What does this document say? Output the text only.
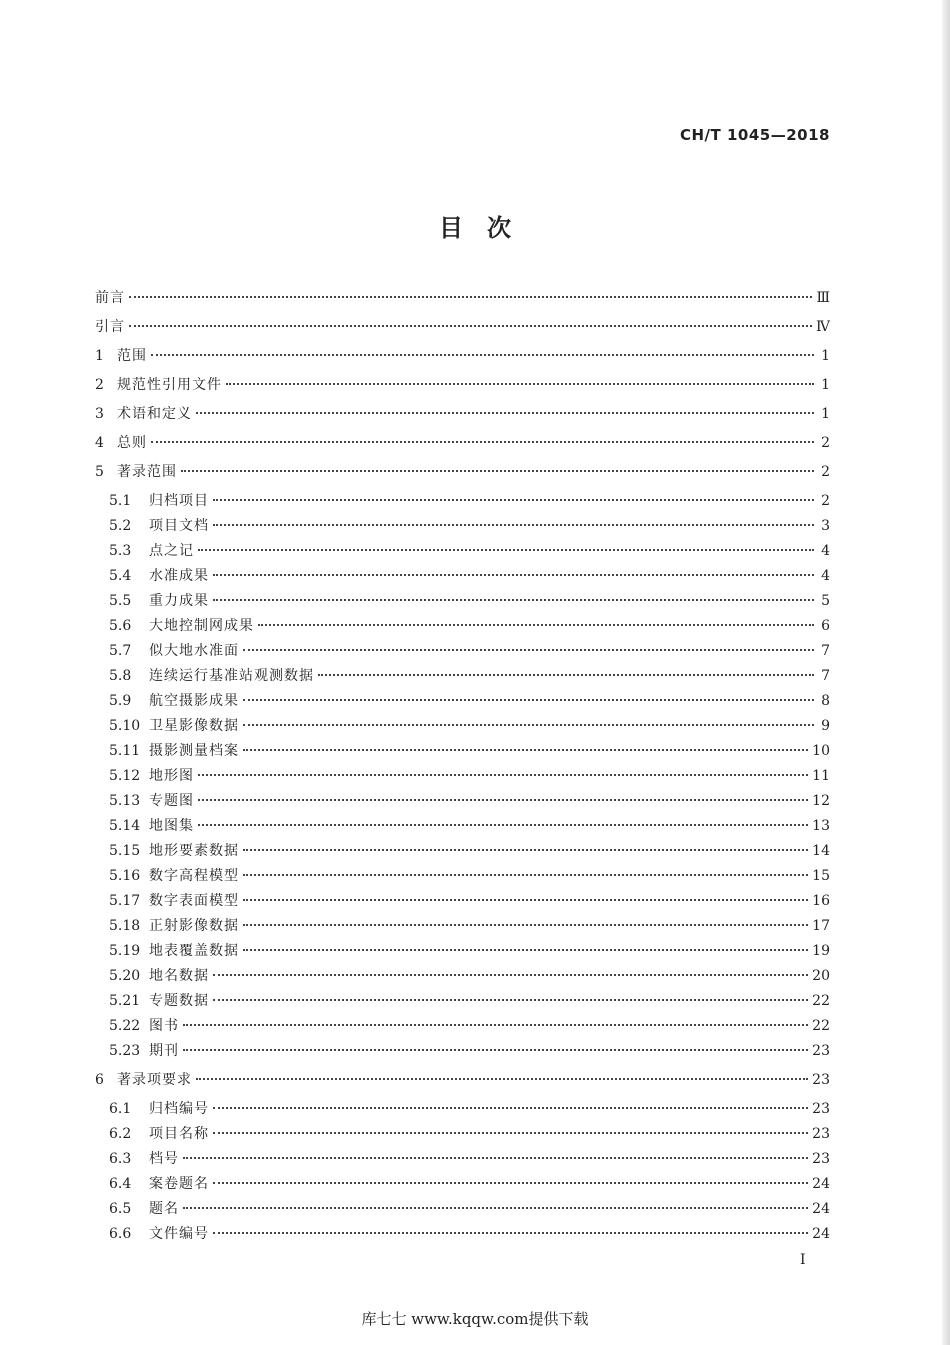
CH/T 1045—2018
目　次
前言	Ⅲ
引言	Ⅳ
1 范围	1
2 规范性引用文件	1
3 术语和定义	1
4 总则	2
5 著录范围	2
5.1	归档项目	2
5.2	项目文档	3
5.3	点之记	4
5.4	水准成果	4
5.5	重力成果	5
5.6	大地控制网成果	6
5.7	似大地水准面	7
5.8	连续运行基准站观测数据	7
5.9	航空摄影成果	8
5.10 卫星影像数据	9
5.11 摄影测量档案	10
5.12 地形图	11
5.13 专题图	12
5.14 地图集	13
5.15 地形要素数据	14
5.16 数字高程模型	15
5.17 数字表面模型	16
5.18 正射影像数据	17
5.19 地表覆盖数据	19
5.20 地名数据	20
5.21 专题数据	22
5.22 图书	22
5.23 期刊	23
6 著录项要求	23
6.1	归档编号	23
6.2	项目名称	23
6.3	档号	23
6.4	案卷题名	24
6.5	题名	24
6.6	文件编号	24
I
库七七 www.kqqw.com提供下载
